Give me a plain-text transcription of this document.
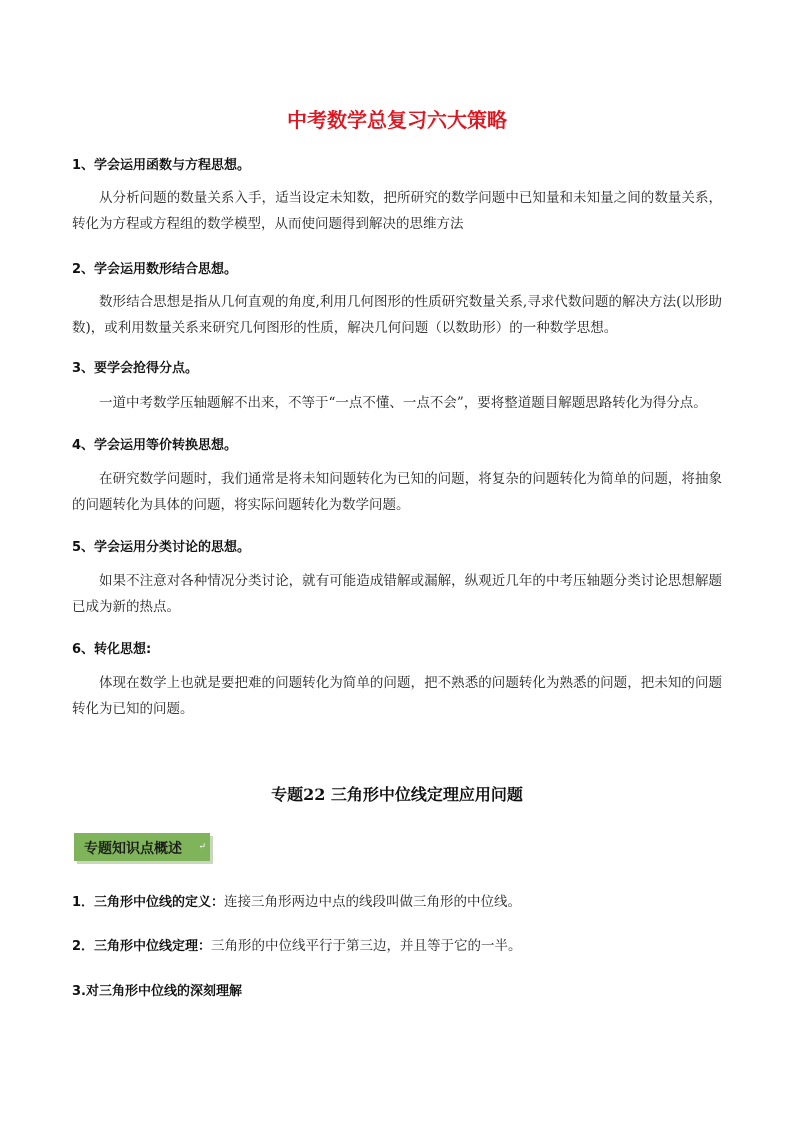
中考数学总复习六大策略
1、学会运用函数与方程思想。

从分析问题的数量关系入手，适当设定未知数，把所研究的数学问题中已知量和未知量之间的数量关系，转化为方程或方程组的数学模型，从而使问题得到解决的思维方法

2、学会运用数形结合思想。

数形结合思想是指从几何直观的角度,利用几何图形的性质研究数量关系,寻求代数问题的解决方法(以形助数)，或利用数量关系来研究几何图形的性质，解决几何问题（以数助形）的一种数学思想。

3、要学会抢得分点。

一道中考数学压轴题解不出来，不等于“一点不懂、一点不会”，要将整道题目解题思路转化为得分点。

4、学会运用等价转换思想。

在研究数学问题时，我们通常是将未知问题转化为已知的问题，将复杂的问题转化为简单的问题，将抽象的问题转化为具体的问题，将实际问题转化为数学问题。

5、学会运用分类讨论的思想。

如果不注意对各种情况分类讨论，就有可能造成错解或漏解，纵观近几年的中考压轴题分类讨论思想解题已成为新的热点。

6、转化思想:

体现在数学上也就是要把难的问题转化为简单的问题，把不熟悉的问题转化为熟悉的问题，把未知的问题转化为已知的问题。

专题22 三角形中位线定理应用问题
专题知识点概述 ↵
1．三角形中位线的定义：连接三角形两边中点的线段叫做三角形的中位线。
2．三角形中位线定理：三角形的中位线平行于第三边，并且等于它的一半。
3.对三角形中位线的深刻理解
